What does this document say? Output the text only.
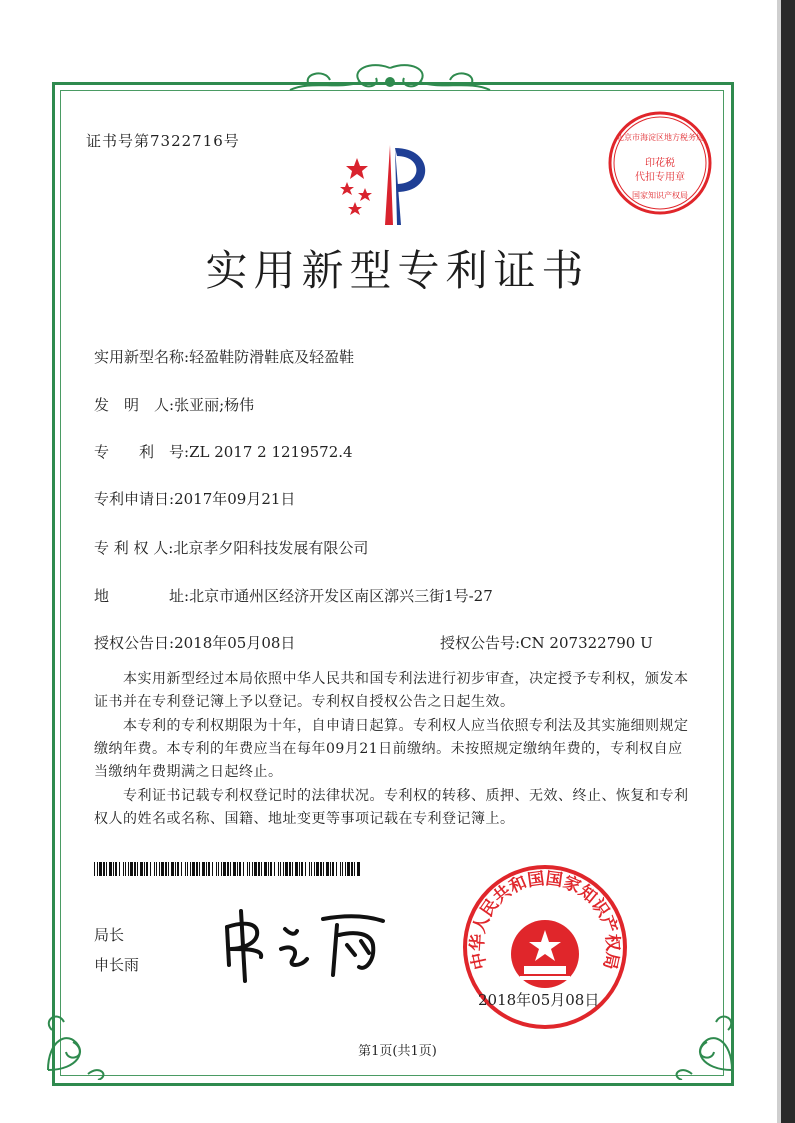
证书号第7322716号	北京市海淀区地方税务局
印花税
代扣专用章
国家知识产权局
实用新型专利证书
实用新型名称:轻盈鞋防滑鞋底及轻盈鞋
发　明　人:张亚丽;杨伟
专　　利　号:ZL 2017 2 1219572.4
专利申请日:2017年09月21日
专 利 权 人:北京孝夕阳科技发展有限公司
地　　　　址:北京市通州区经济开发区南区漷兴三街1号-27
授权公告日:2018年05月08日	授权公告号:CN 207322790 U
　　本实用新型经过本局依照中华人民共和国专利法进行初步审查，决定授予专利权，颁发本证书并在专利登记簿上予以登记。专利权自授权公告之日起生效。
　　本专利的专利权期限为十年，自申请日起算。专利权人应当依照专利法及其实施细则规定缴纳年费。本专利的年费应当在每年09月21日前缴纳。未按照规定缴纳年费的，专利权自应当缴纳年费期满之日起终止。
　　专利证书记载专利权登记时的法律状况。专利权的转移、质押、无效、终止、恢复和专利权人的姓名或名称、国籍、地址变更等事项记载在专利登记簿上。
局长
申长雨	中华人民共和国国家知识产权局
2018年05月08日
第1页(共1页)
